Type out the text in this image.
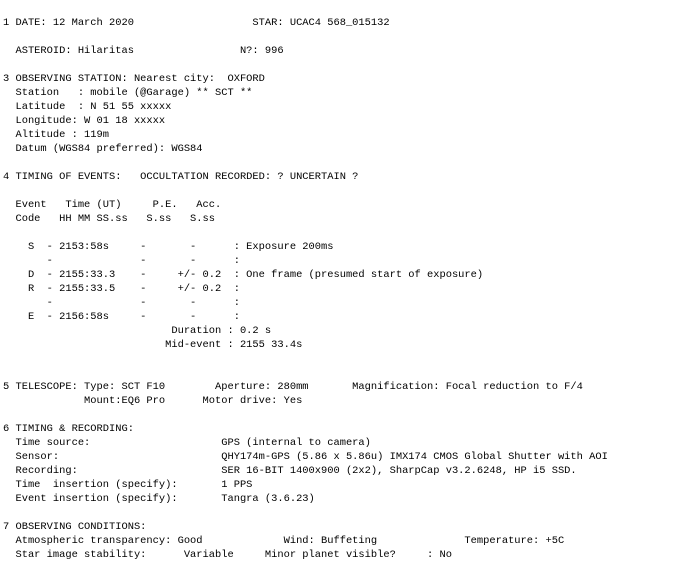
1 DATE: 12 March 2020                   STAR: UCAC4 568_015132
ASTEROID: Hilaritas                 N?: 996
3 OBSERVING STATION: Nearest city:  OXFORD
Station   : mobile (@Garage) ** SCT **
Latitude  : N 51 55 xxxxx
Longitude: W 01 18 xxxxx
Altitude : 119m
Datum (WGS84 preferred): WGS84
4 TIMING OF EVENTS:   OCCULTATION RECORDED: ? UNCERTAIN ?
Event   Time (UT)     P.E.   Acc.
Code   HH MM SS.ss   S.ss   S.ss
S  - 2153:58s     -       -      : Exposure 200ms
-              -       -      :
D  - 2155:33.3    -     +/- 0.2  : One frame (presumed start of exposure)
R  - 2155:33.5    -     +/- 0.2  :
-              -       -      :
E  - 2156:58s     -       -      :
Duration : 0.2 s
Mid-event : 2155 33.4s
5 TELESCOPE: Type: SCT F10        Aperture: 280mm       Magnification: Focal reduction to F/4
Mount:EQ6 Pro      Motor drive: Yes
6 TIMING & RECORDING:
Time source:                     GPS (internal to camera)
Sensor:                          QHY174m-GPS (5.86 x 5.86u) IMX174 CMOS Global Shutter with AOI
Recording:                       SER 16-BIT 1400x900 (2x2), SharpCap v3.2.6248, HP i5 SSD.
Time  insertion (specify):       1 PPS
Event insertion (specify):       Tangra (3.6.23)
7 OBSERVING CONDITIONS:
Atmospheric transparency: Good             Wind: Buffeting              Temperature: +5C
Star image stability:      Variable     Minor planet visible?     : No
